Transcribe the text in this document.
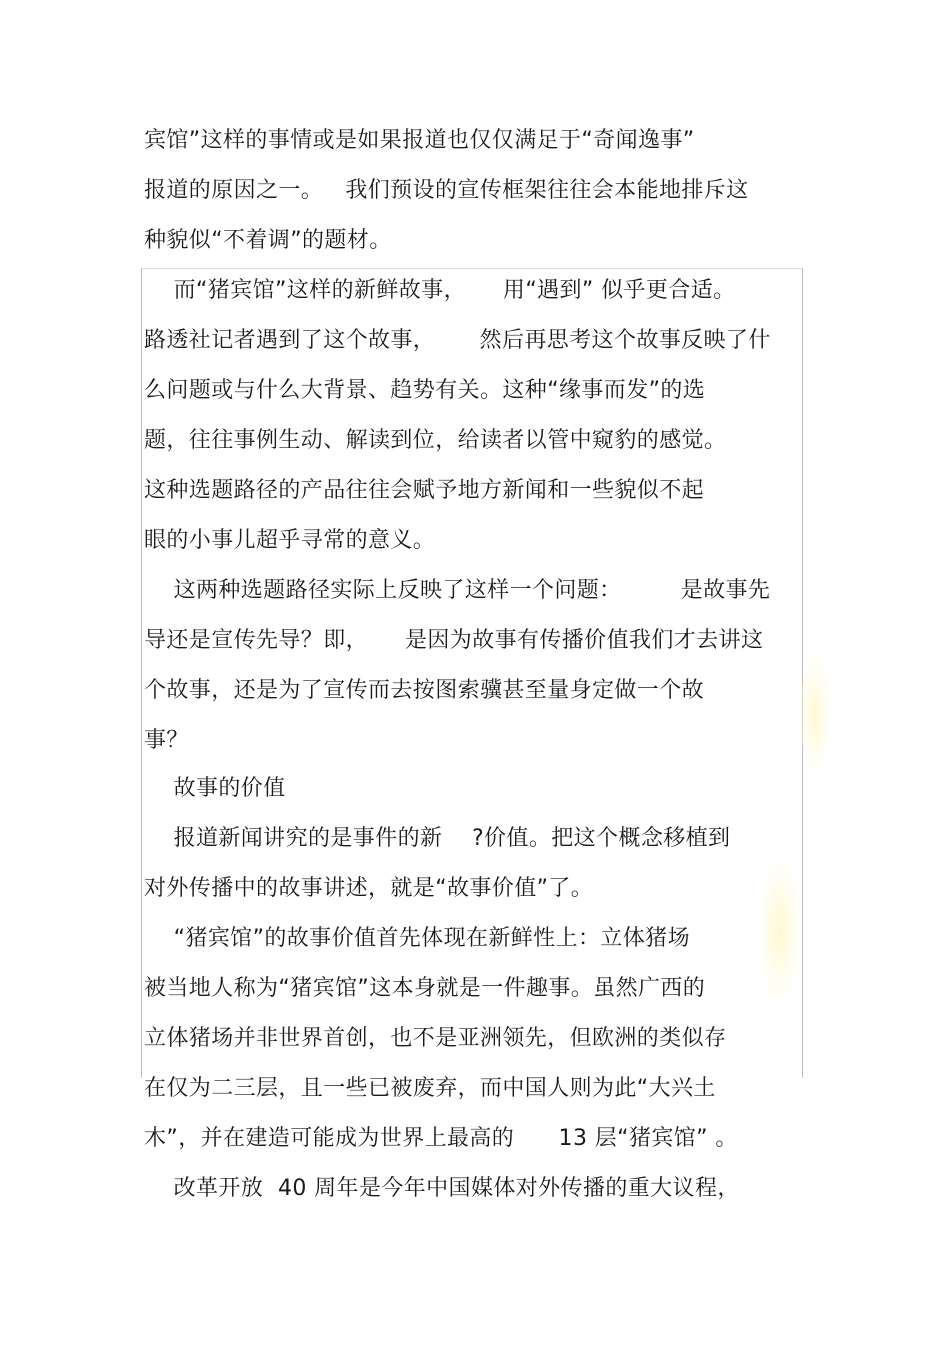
宾馆”这样的事情或是如果报道也仅仅满足于“奇闻逸事”
报道的原因之一。   我们预设的宣传框架往往会本能地排斥这
种貌似“不着调”的题材。
而“猪宾馆”这样的新鲜故事，     用“遇到” 似乎更合适。
路透社记者遇到了这个故事，      然后再思考这个故事反映了什
么问题或与什么大背景、趋势有关。这种“缘事而发”的选
题，往往事例生动、解读到位，给读者以管中窥豹的感觉。
这种选题路径的产品往往会赋予地方新闻和一些貌似不起
眼的小事儿超乎寻常的意义。
这两种选题路径实际上反映了这样一个问题：        是故事先
导还是宣传先导？即，     是因为故事有传播价值我们才去讲这
个故事，还是为了宣传而去按图索骥甚至量身定做一个故
事？
故事的价值
报道新闻讲究的是事件的新    ?价值。把这个概念移植到
对外传播中的故事讲述，就是“故事价值”了。
“猪宾馆”的故事价值首先体现在新鲜性上：立体猪场
被当地人称为“猪宾馆”这本身就是一件趣事。虽然广西的
立体猪场并非世界首创，也不是亚洲领先，但欧洲的类似存
在仅为二三层，且一些已被废弃，而中国人则为此“大兴土
木”，并在建造可能成为世界上最高的      13 层“猪宾馆” 。
改革开放  40 周年是今年中国媒体对外传播的重大议程，
